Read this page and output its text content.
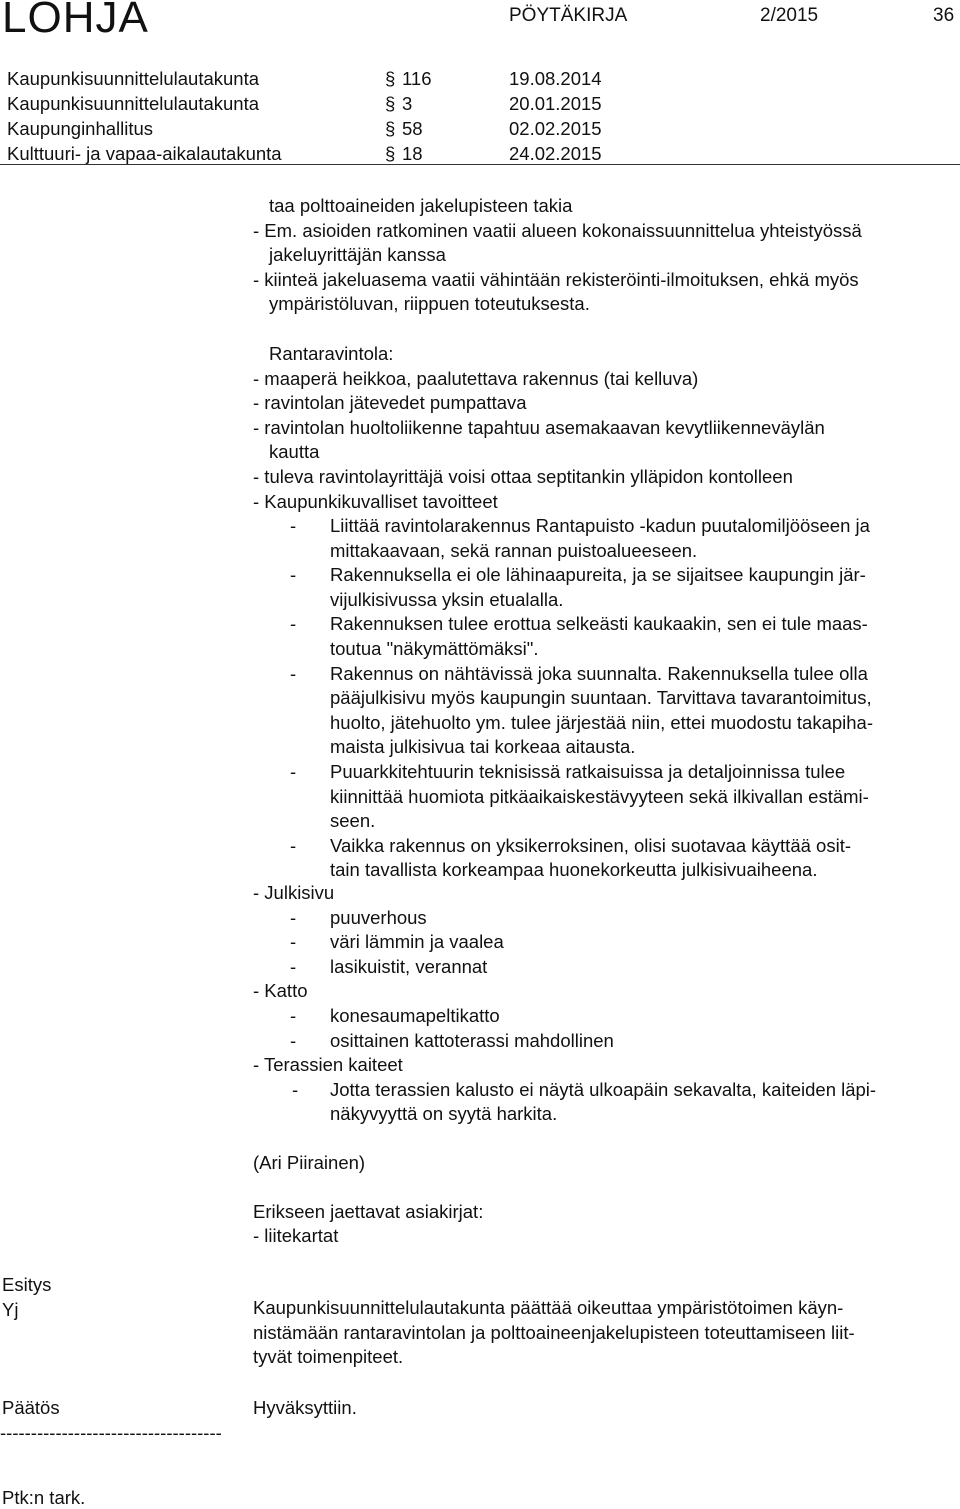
LOHJA	PÖYTÄKIRJA	2/2015	36
Kaupunkisuunnittelulautakunta	§ 116	19.08.2014
Kaupunkisuunnittelulautakunta	§ 3	20.01.2015
Kaupunginhallitus	§ 58	02.02.2015
Kulttuuri- ja vapaa-aikalautakunta	§ 18	24.02.2015
taa polttoaineiden jakelupisteen takia
- Em. asioiden ratkominen vaatii alueen kokonaissuunnittelua yhteistyössä
jakeluyrittäjän kanssa
- kiinteä jakeluasema vaatii vähintään rekisteröinti-ilmoituksen, ehkä myös
ympäristöluvan, riippuen toteutuksesta.
Rantaravintola:
- maaperä heikkoa, paalutettava rakennus (tai kelluva)
- ravintolan jätevedet pumpattava
- ravintolan huoltoliikenne tapahtuu asemakaavan kevytliikenneväylän
kautta
- tuleva ravintolayrittäjä voisi ottaa septitankin ylläpidon kontolleen
- Kaupunkikuvalliset tavoitteet
- Liittää ravintolarakennus Rantapuisto -kadun puutalomiljööseen ja
mittakaavaan, sekä rannan puistoalueeseen.
- Rakennuksella ei ole lähinaapureita, ja se sijaitsee kaupungin jär-
vijulkisivussa yksin etualalla.
- Rakennuksen tulee erottua selkeästi kaukaakin, sen ei tule maas-
toutua "näkymättömäksi".
- Rakennus on nähtävissä joka suunnalta. Rakennuksella tulee olla
pääjulkisivu myös kaupungin suuntaan. Tarvittava tavarantoimitus,
huolto, jätehuolto ym. tulee järjestää niin, ettei muodostu takapiha-
maista julkisivua tai korkeaa aitausta.
- Puuarkkitehtuurin teknisissä ratkaisuissa ja detaljoinnissa tulee
kiinnittää huomiota pitkäaikaiskestävyyteen sekä ilkivallan estämi-
seen.
- Vaikka rakennus on yksikerroksinen, olisi suotavaa käyttää osit-
tain tavallista korkeampaa huonekorkeutta julkisivuaiheena.
- Julkisivu
- puuverhous
- väri lämmin ja vaalea
- lasikuistit, verannat
- Katto
- konesaumapeltikatto
- osittainen kattoterassi mahdollinen
- Terassien kaiteet
- Jotta terassien kalusto ei näytä ulkoapäin sekavalta, kaiteiden läpi-
näkyvyyttä on syytä harkita.
(Ari Piirainen)
Erikseen jaettavat asiakirjat:
- liitekartat
Esitys
Yj	Kaupunkisuunnittelulautakunta päättää oikeuttaa ympäristötoimen käyn-
nistämään rantaravintolan ja polttoaineenjakelupisteen toteuttamiseen liit-
tyvät toimenpiteet.
Päätös	Hyväksyttiin.
------------------------------------
Ptk:n tark.
